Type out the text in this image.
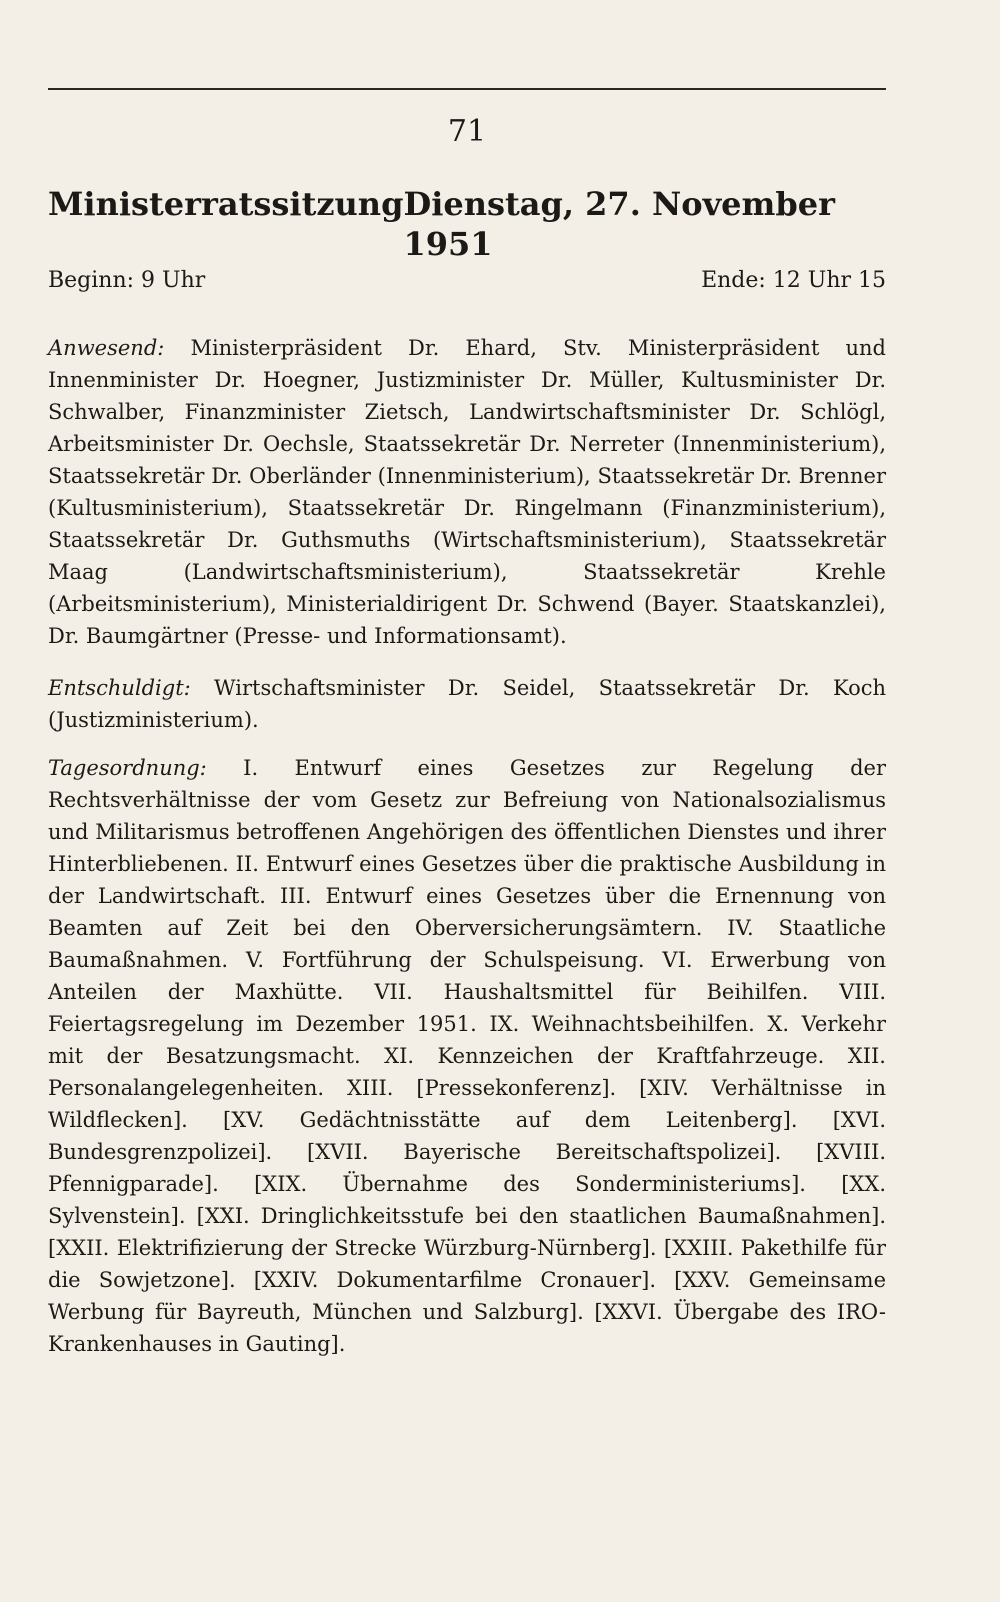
71
Ministerratssitzung Dienstag, 27. November 1951
Beginn: 9 Uhr	Ende: 12 Uhr 15

Anwesend: Ministerpräsident Dr. Ehard, Stv. Ministerpräsident und Innenminister Dr. Hoegner, Justizminister Dr. Müller, Kultusminister Dr. Schwalber, Finanzminister Zietsch, Landwirtschaftsminister Dr. Schlögl, Arbeitsminister Dr. Oechsle, Staatssekretär Dr. Nerreter (Innenministerium), Staatssekretär Dr. Oberländer (Innenministerium), Staatssekretär Dr. Brenner (Kultusministerium), Staatssekretär Dr. Ringelmann (Finanzministerium), Staatssekretär Dr. Guthsmuths (Wirtschaftsministerium), Staatssekretär Maag (Landwirtschaftsministerium), Staatssekretär Krehle (Arbeitsministerium), Ministerialdirigent Dr. Schwend (Bayer. Staatskanzlei), Dr. Baumgärtner (Presse- und Informationsamt).

Entschuldigt: Wirtschaftsminister Dr. Seidel, Staatssekretär Dr. Koch (Justizministerium).

Tagesordnung: I. Entwurf eines Gesetzes zur Regelung der Rechtsverhältnisse der vom Gesetz zur Befreiung von Nationalsozialismus und Militarismus betroffenen Angehörigen des öffentlichen Dienstes und ihrer Hinterbliebenen. II. Entwurf eines Gesetzes über die praktische Ausbildung in der Landwirtschaft. III. Entwurf eines Gesetzes über die Ernennung von Beamten auf Zeit bei den Oberversicherungsämtern. IV. Staatliche Baumaßnahmen. V. Fortführung der Schulspeisung. VI. Erwerbung von Anteilen der Maxhütte. VII. Haushaltsmittel für Beihilfen. VIII. Feiertagsregelung im Dezember 1951. IX. Weihnachtsbeihilfen. X. Verkehr mit der Besatzungsmacht. XI. Kennzeichen der Kraftfahrzeuge. XII. Personalangelegenheiten. XIII. [Pressekonferenz]. [XIV. Verhältnisse in Wildflecken]. [XV. Gedächtnisstätte auf dem Leitenberg]. [XVI. Bundesgrenzpolizei]. [XVII. Bayerische Bereitschaftspolizei]. [XVIII. Pfennigparade]. [XIX. Übernahme des Sonderministeriums]. [XX. Sylvenstein]. [XXI. Dringlichkeitsstufe bei den staatlichen Baumaßnahmen]. [XXII. Elektrifizierung der Strecke Würzburg-Nürnberg]. [XXIII. Pakethilfe für die Sowjetzone]. [XXIV. Dokumentarfilme Cronauer]. [XXV. Gemeinsame Werbung für Bayreuth, München und Salzburg]. [XXVI. Übergabe des IRO-Krankenhauses in Gauting].
